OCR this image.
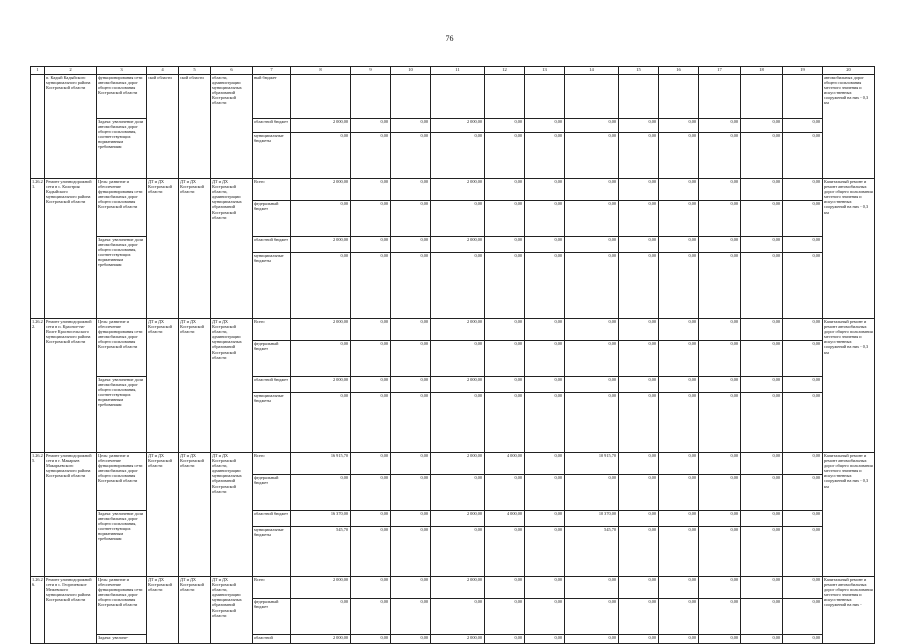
76
1	2	3	4	5	6	7	8	9	10	11	12	13	14	15	16	17	18	19	20
	п. Кадый Кадыйского муниципального района Костромской области	функционирования сети автомобильных дорог общего пользования Костромской области	ской области	ской области	области, администрации муниципальных образований Костромской области	ный бюджет													автомобильных дорог общего пользования местного значения и искусственных сооружений на них - 0,3 км
		Задача: увеличение доли автомобильных дорог общего пользования, соответствующих нормативным требованиям				областной бюджет	2 000,00	0,00	0,00	2 000,00	0,00	0,00	0,00	0,00	0,00	0,00	0,00	0,00	
						муниципальные бюджеты	0,00	0,00	0,00	0,00	0,00	0,00	0,00	0,00	0,00	0,00	0,00	0,00	
1.26.21.	Ремонт уличнодорожной сети в с. Колотрия Кадыйского муниципального района Костромской области	Цель: развитие и обеспечение функционирования сети автомобильных дорог общего пользования Костромской области	ДТ и ДХ Костромской области	ДТ и ДХ Костромской области	ДТ и ДХ Костромской области, администрации муниципальных образований Костромской области	Всего	2 000,00	0,00	0,00	2 000,00	0,00	0,00	0,00	0,00	0,00	0,00	0,00	0,00	Капитальный ремонт и ремонт автомобильных дорог общего пользования местного значения и искусственных сооружений на них - 0,3 км
						федеральный бюджет	0,00	0,00	0,00	0,00	0,00	0,00	0,00	0,00	0,00	0,00	0,00	0,00	
		Задача: увеличение доли автомобильных дорог общего пользования, соответствующих нормативным требованиям				областной бюджет	2 000,00	0,00	0,00	2 000,00	0,00	0,00	0,00	0,00	0,00	0,00	0,00	0,00	
						муниципальные бюджеты	0,00	0,00	0,00	0,00	0,00	0,00	0,00	0,00	0,00	0,00	0,00	0,00	
1.26.22.	Ремонт уличнодорожной сети в п. Красное-на-Волге Красносельского муниципального района Костромской области	Цель: развитие и обеспечение функционирования сети автомобильных дорог общего пользования Костромской области	ДТ и ДХ Костромской области	ДТ и ДХ Костромской области	ДТ и ДХ Костромской области, администрации муниципальных образований Костромской области	Всего	2 000,00	0,00	0,00	2 000,00	0,00	0,00	0,00	0,00	0,00	0,00	0,00	0,00	Капитальный ремонт и ремонт автомобильных дорог общего пользования местного значения и искусственных сооружений на них - 0,3 км
						федеральный бюджет	0,00	0,00	0,00	0,00	0,00	0,00	0,00	0,00	0,00	0,00	0,00	0,00	
		Задача: увеличение доли автомобильных дорог общего пользования, соответствующих нормативным требованиям				областной бюджет	2 000,00	0,00	0,00	2 000,00	0,00	0,00	0,00	0,00	0,00	0,00	0,00	0,00	
						муниципальные бюджеты	0,00	0,00	0,00	0,00	0,00	0,00	0,00	0,00	0,00	0,00	0,00	0,00	
1.26.25.	Ремонт уличнодорожной сети в г. Макарьев Макарьевского муниципального района Костромской области	Цель: развитие и обеспечение функционирования сети автомобильных дорог общего пользования Костромской области	ДТ и ДХ Костромской области	ДТ и ДХ Костромской области	ДТ и ДХ Костромской области, администрации муниципальных образований Костромской области	Всего	16 915,70	0,00	0,00	2 000,00	4 000,00	0,00	10 915,70	0,00	0,00	0,00	0,00	0,00	Капитальный ремонт и ремонт автомобильных дорог общего пользования местного значения и искусственных сооружений на них - 0,3 км
						федеральный бюджет	0,00	0,00	0,00	0,00	0,00	0,00	0,00	0,00	0,00	0,00	0,00	0,00	
		Задача: увеличение доли автомобильных дорог общего пользования, соответствующих нормативным требованиям				областной бюджет	16 370,00	0,00	0,00	2 000,00	4 000,00	0,00	10 370,00	0,00	0,00	0,00	0,00	0,00	
						муниципальные бюджеты	545,70	0,00	0,00	0,00	0,00	0,00	545,70	0,00	0,00	0,00	0,00	0,00	
1.26.26.	Ремонт уличнодорожной сети в с. Георгиевское Межевского муниципального района Костромской области	Цель: развитие и обеспечение функционирования сети автомобильных дорог общего пользования Костромской области	ДТ и ДХ Костромской области	ДТ и ДХ Костромской области	ДТ и ДХ Костромской области, администрации муниципальных образований Костромской области	Всего	2 000,00	0,00	0,00	2 000,00	0,00	0,00	0,00	0,00	0,00	0,00	0,00	0,00	Капитальный ремонт и ремонт автомобильных дорог общего пользования местного значения и искусственных сооружений на них -
						федеральный бюджет	0,00	0,00	0,00	0,00	0,00	0,00	0,00	0,00	0,00	0,00	0,00	0,00	
		Задача: увеличе-				областной	2 000,00	0,00	0,00	2 000,00	0,00	0,00	0,00	0,00	0,00	0,00	0,00	0,00	
